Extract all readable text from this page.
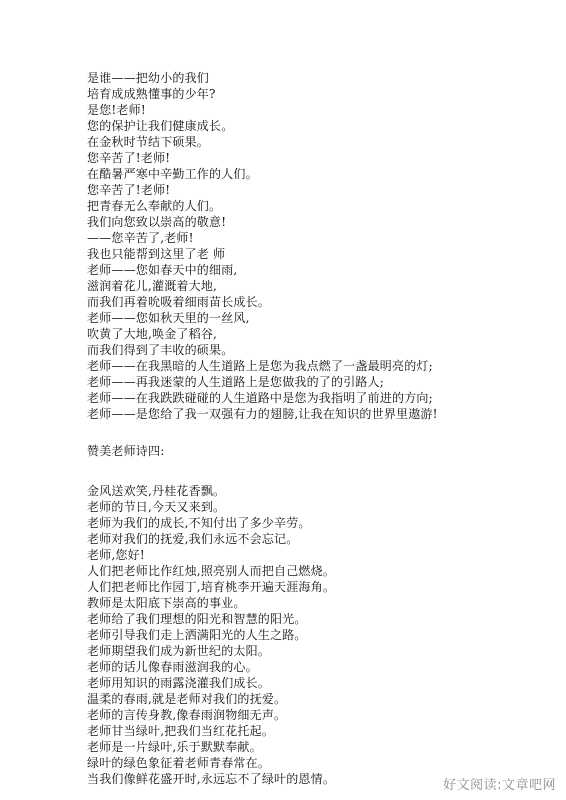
是谁——把幼小的我们
培育成成熟懂事的少年?
是您!老师!
您的保护让我们健康成长。
在金秋时节结下硕果。
您辛苦了!老师!
在酷暑严寒中辛勤工作的人们。
您辛苦了!老师!
把青春无么奉献的人们。
我们向您致以崇高的敬意!
——您辛苦了,老师!
我也只能帮到这里了老 师
老师——您如春天中的细雨,
滋润着花儿,灌溉着大地,
而我们再着吮吸着细雨苗长成长。
老师——您如秋天里的一丝风,
吹黄了大地,唤金了稻谷,
而我们得到了丰收的硕果。
老师——在我黑暗的人生道路上是您为我点燃了一盏最明亮的灯;
老师——再我迷蒙的人生道路上是您做我的了的引路人;
老师——在我跌跌碰碰的人生道路中是您为我指明了前进的方向;
老师——是您给了我一双强有力的翅膀,让我在知识的世界里遨游!
赞美老师诗四:
金风送欢笑,丹桂花香飘。
老师的节日,今天又来到。
老师为我们的成长,不知付出了多少辛劳。
老师对我们的抚爱,我们永远不会忘记。
老师,您好!
人们把老师比作红烛,照亮别人而把自己燃烧。
人们把老师比作园丁,培育桃李开遍天涯海角。
教师是太阳底下崇高的事业。
老师给了我们理想的阳光和智慧的阳光。
老师引导我们走上洒满阳光的人生之路。
老师期望我们成为新世纪的太阳。
老师的话儿像春雨滋润我的心。
老师用知识的雨露浇灌我们成长。
温柔的春雨,就是老师对我们的抚爱。
老师的言传身教,像春雨润物细无声。
老师甘当绿叶,把我们当红花托起。
老师是一片绿叶,乐于默默奉献。
绿叶的绿色象征着老师青春常在。
当我们像鲜花盛开时,永远忘不了绿叶的恩情。	好文阅读:文章吧网
